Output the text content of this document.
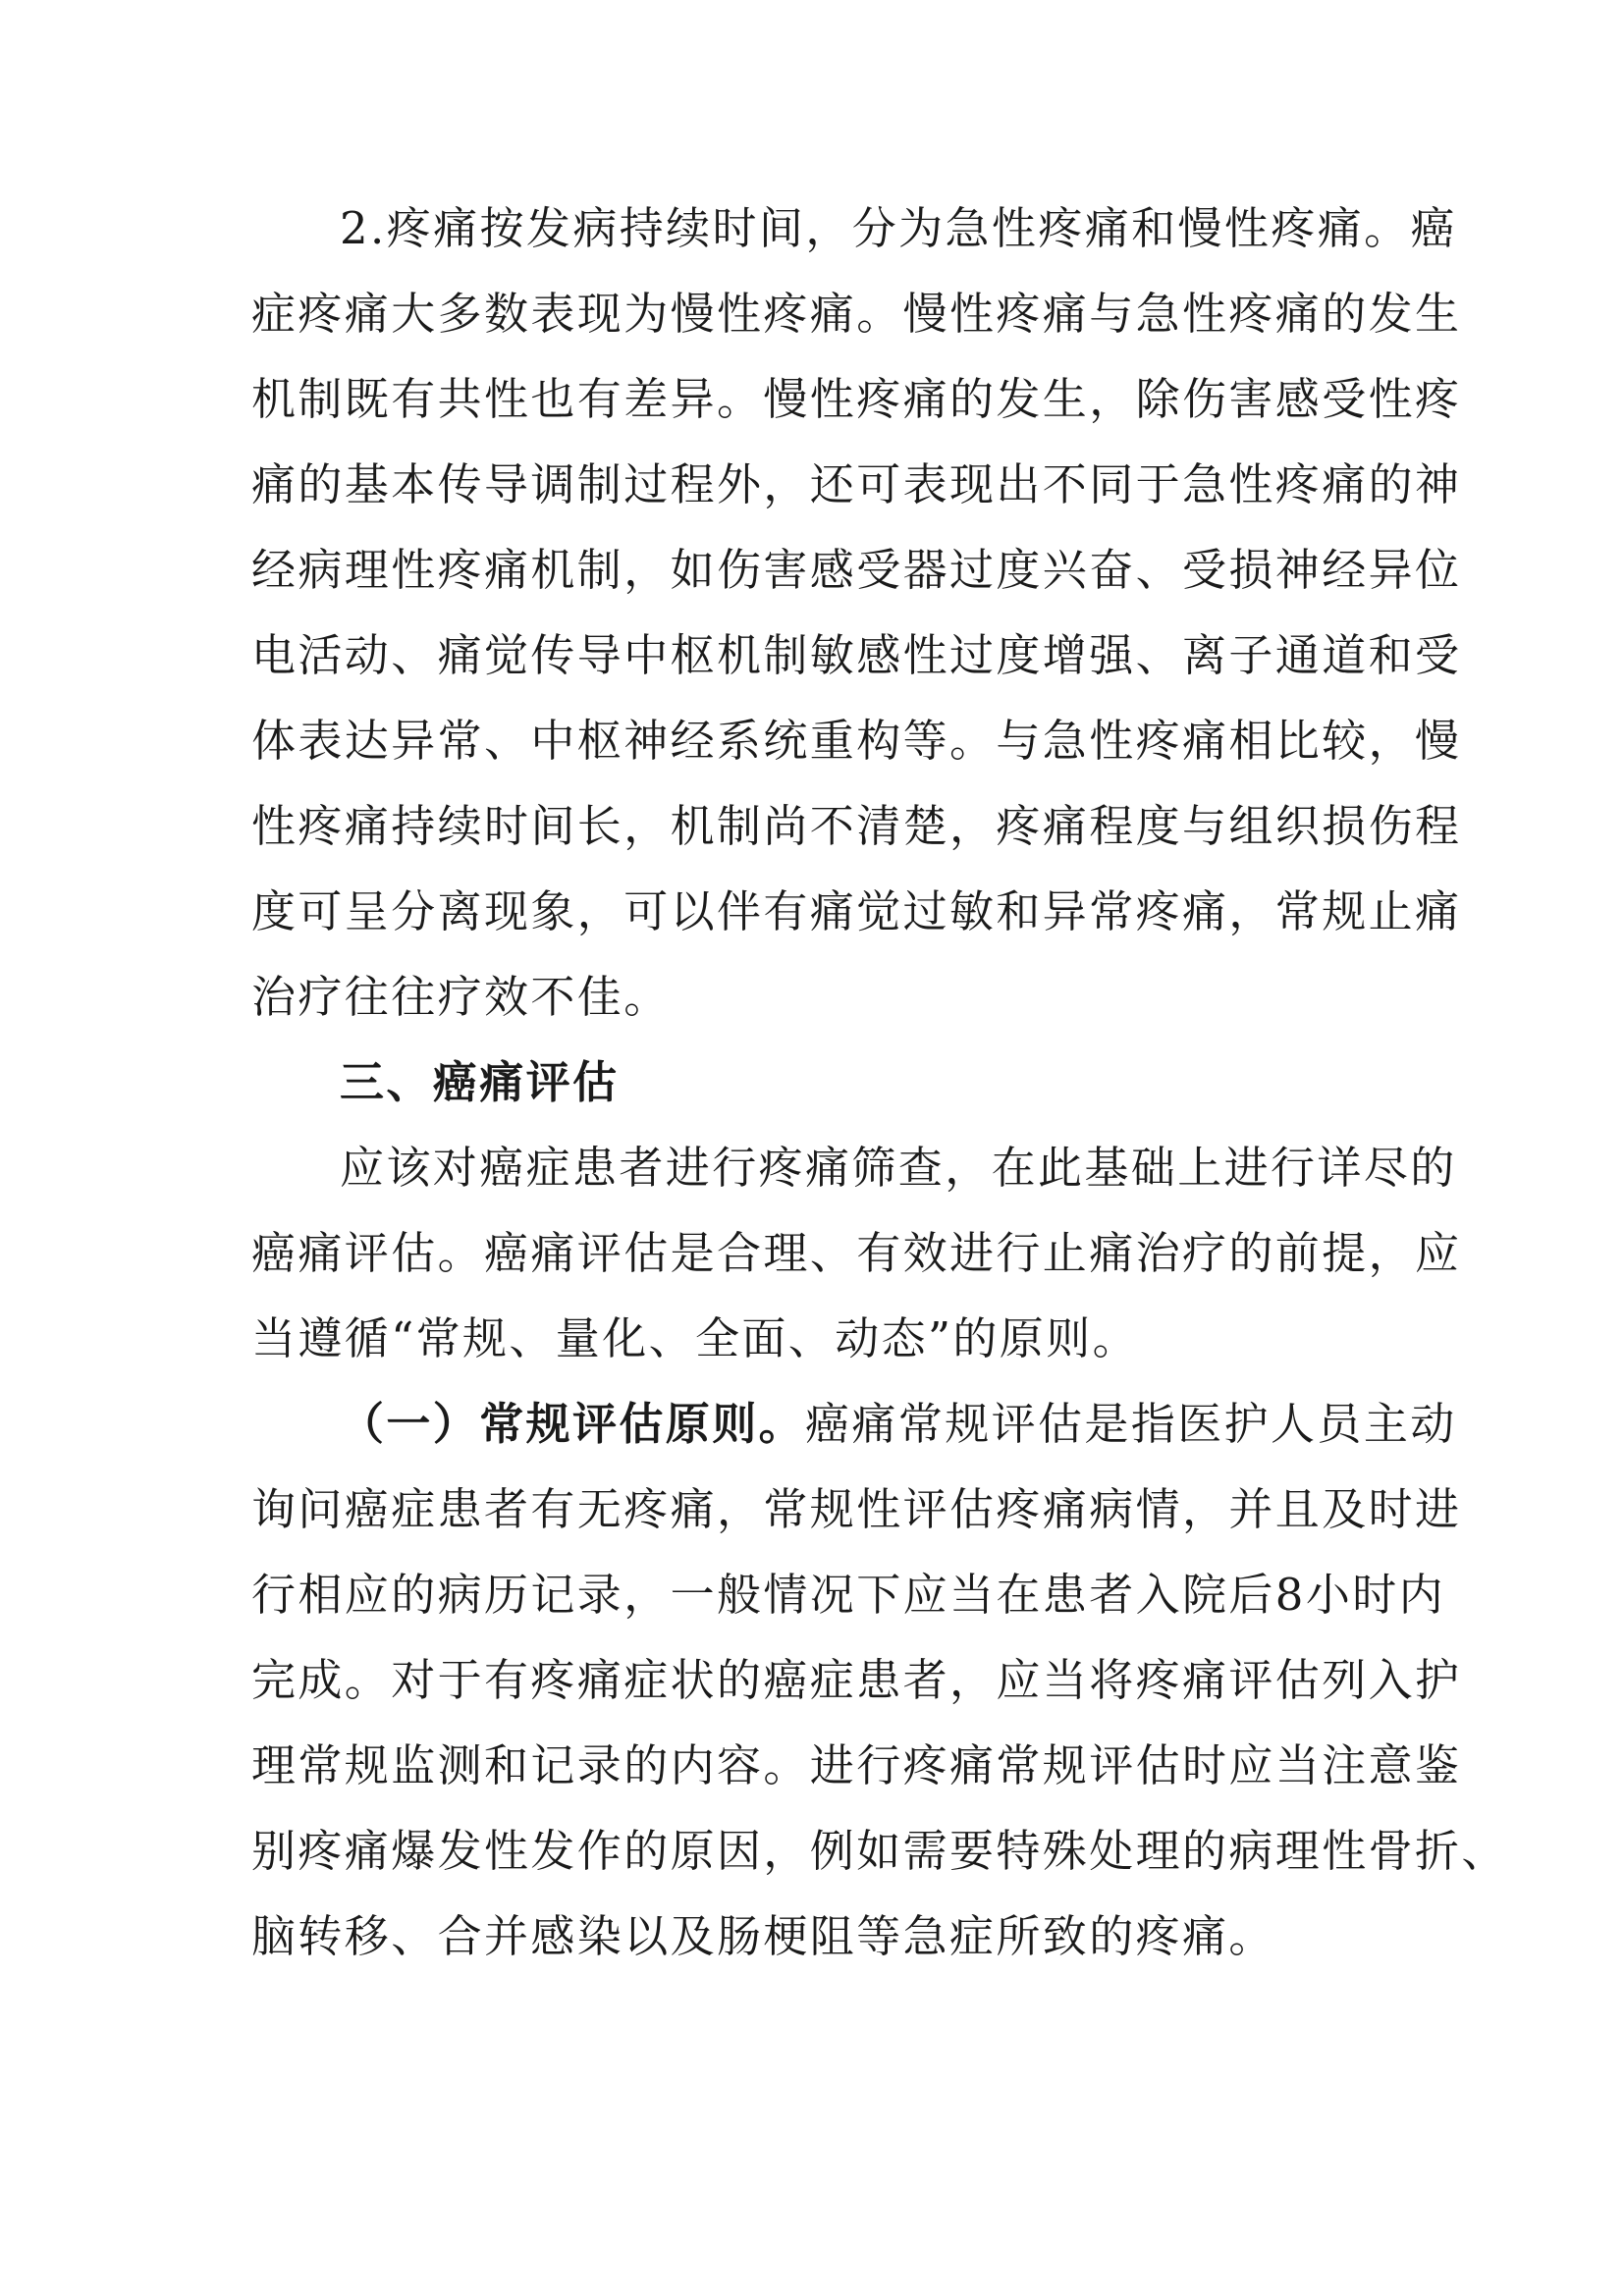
2.疼痛按发病持续时间，分为急性疼痛和慢性疼痛。癌
症疼痛大多数表现为慢性疼痛。慢性疼痛与急性疼痛的发生
机制既有共性也有差异。慢性疼痛的发生，除伤害感受性疼
痛的基本传导调制过程外，还可表现出不同于急性疼痛的神
经病理性疼痛机制，如伤害感受器过度兴奋、受损神经异位
电活动、痛觉传导中枢机制敏感性过度增强、离子通道和受
体表达异常、中枢神经系统重构等。与急性疼痛相比较，慢
性疼痛持续时间长，机制尚不清楚，疼痛程度与组织损伤程
度可呈分离现象，可以伴有痛觉过敏和异常疼痛，常规止痛
治疗往往疗效不佳。
三、癌痛评估
应该对癌症患者进行疼痛筛查，在此基础上进行详尽的
癌痛评估。癌痛评估是合理、有效进行止痛治疗的前提，应
当遵循“常规、量化、全面、动态”的原则。
（一）常规评估原则。癌痛常规评估是指医护人员主动
询问癌症患者有无疼痛，常规性评估疼痛病情，并且及时进
行相应的病历记录，一般情况下应当在患者入院后8小时内
完成。对于有疼痛症状的癌症患者，应当将疼痛评估列入护
理常规监测和记录的内容。进行疼痛常规评估时应当注意鉴
别疼痛爆发性发作的原因，例如需要特殊处理的病理性骨折、
脑转移、合并感染以及肠梗阻等急症所致的疼痛。
